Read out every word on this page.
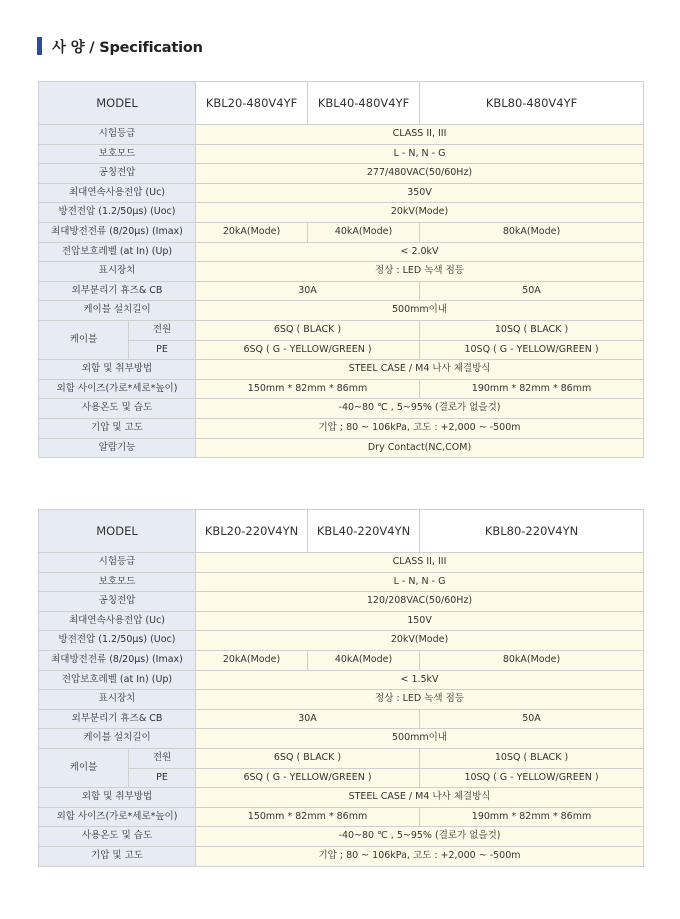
사 양 / Specification
MODEL		KBL20-480V4YF	KBL40-480V4YF	KBL80-480V4YF
시험등급		CLASS II, III		
보호모드		L - N, N - G		
공칭전압		277/480VAC(50/60Hz)		
최대연속사용전압 (Uc)		350V		
방전전압 (1.2/50μs) (Uoc)		20kV(Mode)		
최대방전전류 (8/20μs) (Imax)		20kA(Mode)	40kA(Mode)	80kA(Mode)
전압보호레벨 (at In) (Up)		< 2.0kV		
표시장치		정상 : LED 녹색 점등		
외부분리기 휴즈& CB		30A		50A
케이블 설치길이		500mm이내		
케이블	전원	6SQ ( BLACK )		10SQ ( BLACK )
	PE	6SQ ( G - YELLOW/GREEN )		10SQ ( G - YELLOW/GREEN )
외함 및 취부방법		STEEL CASE / M4 나사 체결방식		
외함 사이즈(가로*세로*높이)		150mm * 82mm * 86mm		190mm * 82mm * 86mm
사용온도 및 습도		-40~80 ℃ , 5~95% (결로가 없을것)		
기압 및 고도		기압 ; 80 ~ 106kPa, 고도 : +2,000 ~ -500m		
알람기능		Dry Contact(NC,COM)		
MODEL		KBL20-220V4YN	KBL40-220V4YN	KBL80-220V4YN
시험등급		CLASS II, III		
보호모드		L - N, N - G		
공칭전압		120/208VAC(50/60Hz)		
최대연속사용전압 (Uc)		150V		
방전전압 (1.2/50μs) (Uoc)		20kV(Mode)		
최대방전전류 (8/20μs) (Imax)		20kA(Mode)	40kA(Mode)	80kA(Mode)
전압보호레벨 (at In) (Up)		< 1.5kV		
표시장치		정상 : LED 녹색 점등		
외부분리기 휴즈& CB		30A		50A
케이블 설치길이		500mm이내		
케이블	전원	6SQ ( BLACK )		10SQ ( BLACK )
	PE	6SQ ( G - YELLOW/GREEN )		10SQ ( G - YELLOW/GREEN )
외함 및 취부방법		STEEL CASE / M4 나사 체결방식		
외함 사이즈(가로*세로*높이)		150mm * 82mm * 86mm		190mm * 82mm * 86mm
사용온도 및 습도		-40~80 ℃ , 5~95% (결로가 없을것)		
기압 및 고도		기압 ; 80 ~ 106kPa, 고도 : +2,000 ~ -500m		
